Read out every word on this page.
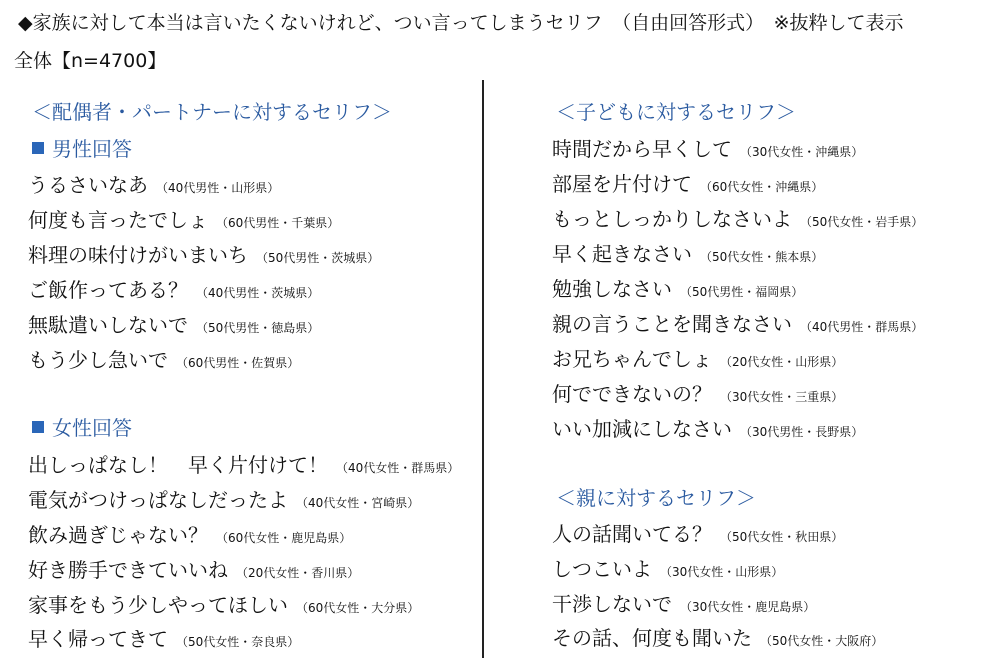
◆家族に対して本当は言いたくないけれど、つい言ってしまうセリフ　（自由回答形式）　※抜粋して表示
全体【n=4700】
＜配偶者・パートナーに対するセリフ＞
男性回答
うるさいなあ （40代男性・山形県）
何度も言ったでしょ （60代男性・千葉県）
料理の味付けがいまいち （50代男性・茨城県）
ご飯作ってある？ （40代男性・茨城県）
無駄遣いしないで （50代男性・徳島県）
もう少し急いで （60代男性・佐賀県）
女性回答
出しっぱなし！　早く片付けて！ （40代女性・群馬県）
電気がつけっぱなしだったよ （40代女性・宮崎県）
飲み過ぎじゃない？ （60代女性・鹿児島県）
好き勝手できていいね （20代女性・香川県）
家事をもう少しやってほしい （60代女性・大分県）
早く帰ってきて （50代女性・奈良県）
＜子どもに対するセリフ＞
時間だから早くして （30代女性・沖縄県）
部屋を片付けて （60代女性・沖縄県）
もっとしっかりしなさいよ （50代女性・岩手県）
早く起きなさい （50代女性・熊本県）
勉強しなさい （50代男性・福岡県）
親の言うことを聞きなさい （40代男性・群馬県）
お兄ちゃんでしょ （20代女性・山形県）
何でできないの？ （30代女性・三重県）
いい加減にしなさい （30代男性・長野県）
＜親に対するセリフ＞
人の話聞いてる？ （50代女性・秋田県）
しつこいよ （30代女性・山形県）
干渉しないで （30代女性・鹿児島県）
その話、何度も聞いた （50代女性・大阪府）
